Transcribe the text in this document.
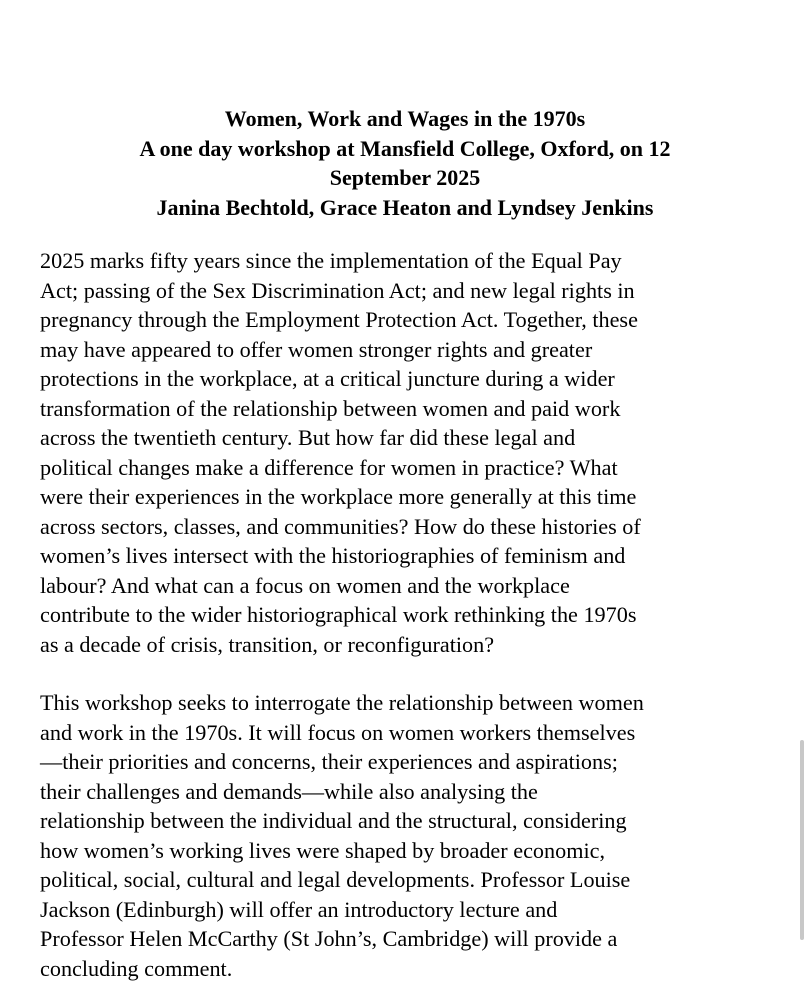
Women, Work and Wages in the 1970s
A one day workshop at Mansfield College, Oxford, on 12
September 2025
Janina Bechtold, Grace Heaton and Lyndsey Jenkins
2025 marks fifty years since the implementation of the Equal Pay
Act; passing of the Sex Discrimination Act; and new legal rights in
pregnancy through the Employment Protection Act. Together, these
may have appeared to offer women stronger rights and greater
protections in the workplace, at a critical juncture during a wider
transformation of the relationship between women and paid work
across the twentieth century. But how far did these legal and
political changes make a difference for women in practice? What
were their experiences in the workplace more generally at this time
across sectors, classes, and communities? How do these histories of
women’s lives intersect with the historiographies of feminism and
labour? And what can a focus on women and the workplace
contribute to the wider historiographical work rethinking the 1970s
as a decade of crisis, transition, or reconfiguration?
This workshop seeks to interrogate the relationship between women
and work in the 1970s. It will focus on women workers themselves
—their priorities and concerns, their experiences and aspirations;
their challenges and demands—while also analysing the
relationship between the individual and the structural, considering
how women’s working lives were shaped by broader economic,
political, social, cultural and legal developments. Professor Louise
Jackson (Edinburgh) will offer an introductory lecture and
Professor Helen McCarthy (St John’s, Cambridge) will provide a
concluding comment.
